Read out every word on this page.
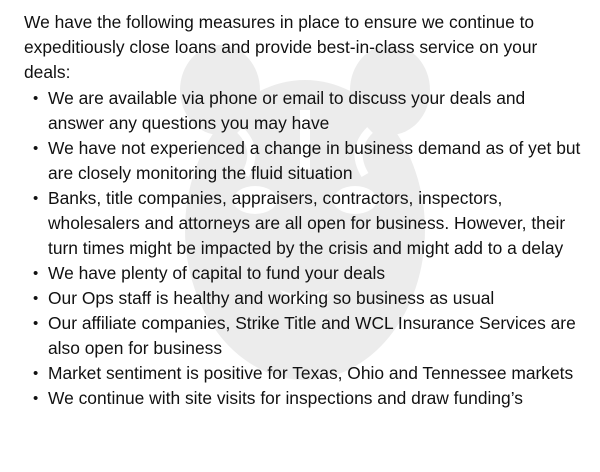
We have the following measures in place to ensure we continue to expeditiously close loans and provide best-in-class service on your deals:

• We are available via phone or email to discuss your deals and answer any questions you may have
• We have not experienced a change in business demand as of yet but are closely monitoring the fluid situation
• Banks, title companies, appraisers, contractors, inspectors, wholesalers and attorneys are all open for business. However, their turn times might be impacted by the crisis and might add to a delay
• We have plenty of capital to fund your deals
• Our Ops staff is healthy and working so business as usual
• Our affiliate companies, Strike Title and WCL Insurance Services are also open for business
• Market sentiment is positive for Texas, Ohio and Tennessee markets
• We continue with site visits for inspections and draw funding’s
